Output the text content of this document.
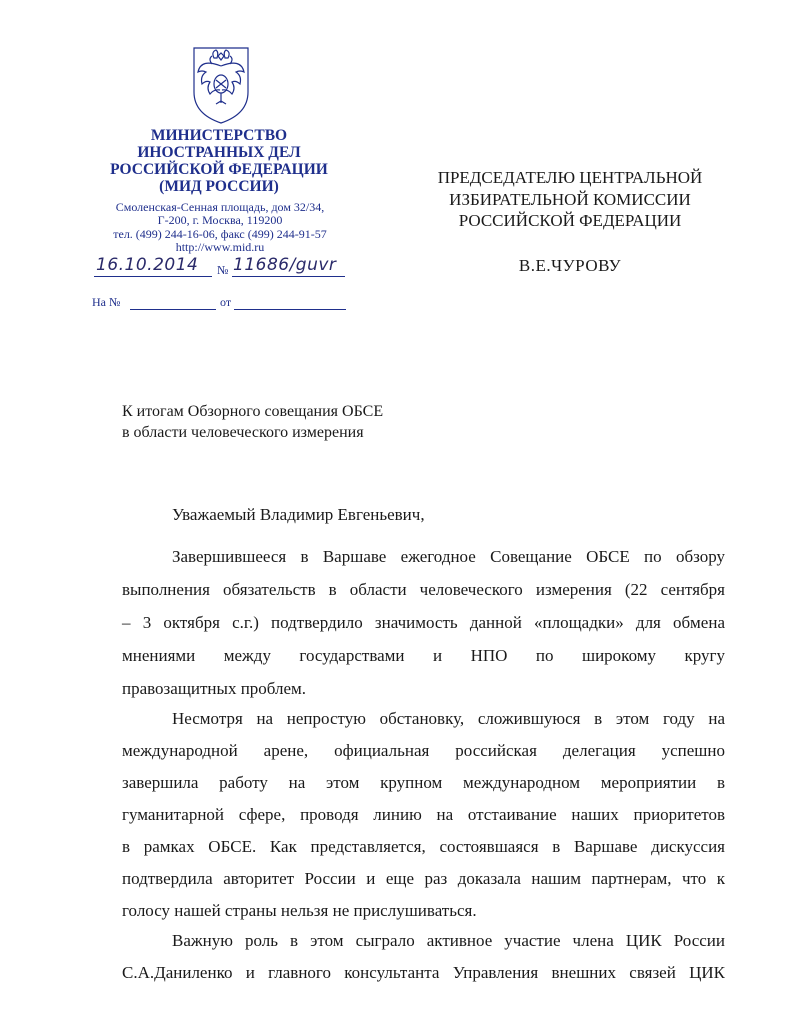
МИНИСТЕРСТВО
ИНОСТРАННЫХ ДЕЛ
РОССИЙСКОЙ ФЕДЕРАЦИИ
(МИД РОССИИ)
Смоленская-Сенная площадь, дом 32/34,
Г-200, г. Москва, 119200
тел. (499) 244-16-06, факс (499) 244-91-57
http://www.mid.ru
16.10.2014 № 11686/guvr
На №	от
ПРЕДСЕДАТЕЛЮ ЦЕНТРАЛЬНОЙ
ИЗБИРАТЕЛЬНОЙ КОМИССИИ
РОССИЙСКОЙ ФЕДЕРАЦИИ
В.Е.ЧУРОВУ
К итогам Обзорного совещания ОБСЕ
в области человеческого измерения
Уважаемый Владимир Евгеньевич,
Завершившееся в Варшаве ежегодное Совещание ОБСЕ по обзору
выполнения обязательств в области человеческого измерения (22 сентября
– 3 октября с.г.) подтвердило значимость данной «площадки» для обмена
мнениями между государствами и НПО по широкому кругу
правозащитных проблем.
Несмотря на непростую обстановку, сложившуюся в этом году на
международной арене, официальная российская делегация успешно
завершила работу на этом крупном международном мероприятии в
гуманитарной сфере, проводя линию на отстаивание наших приоритетов
в рамках ОБСЕ. Как представляется, состоявшаяся в Варшаве дискуссия
подтвердила авторитет России и еще раз доказала нашим партнерам, что к
голосу нашей страны нельзя не прислушиваться.
Важную роль в этом сыграло активное участие члена ЦИК России
С.А.Даниленко и главного консультанта Управления внешних связей ЦИК
